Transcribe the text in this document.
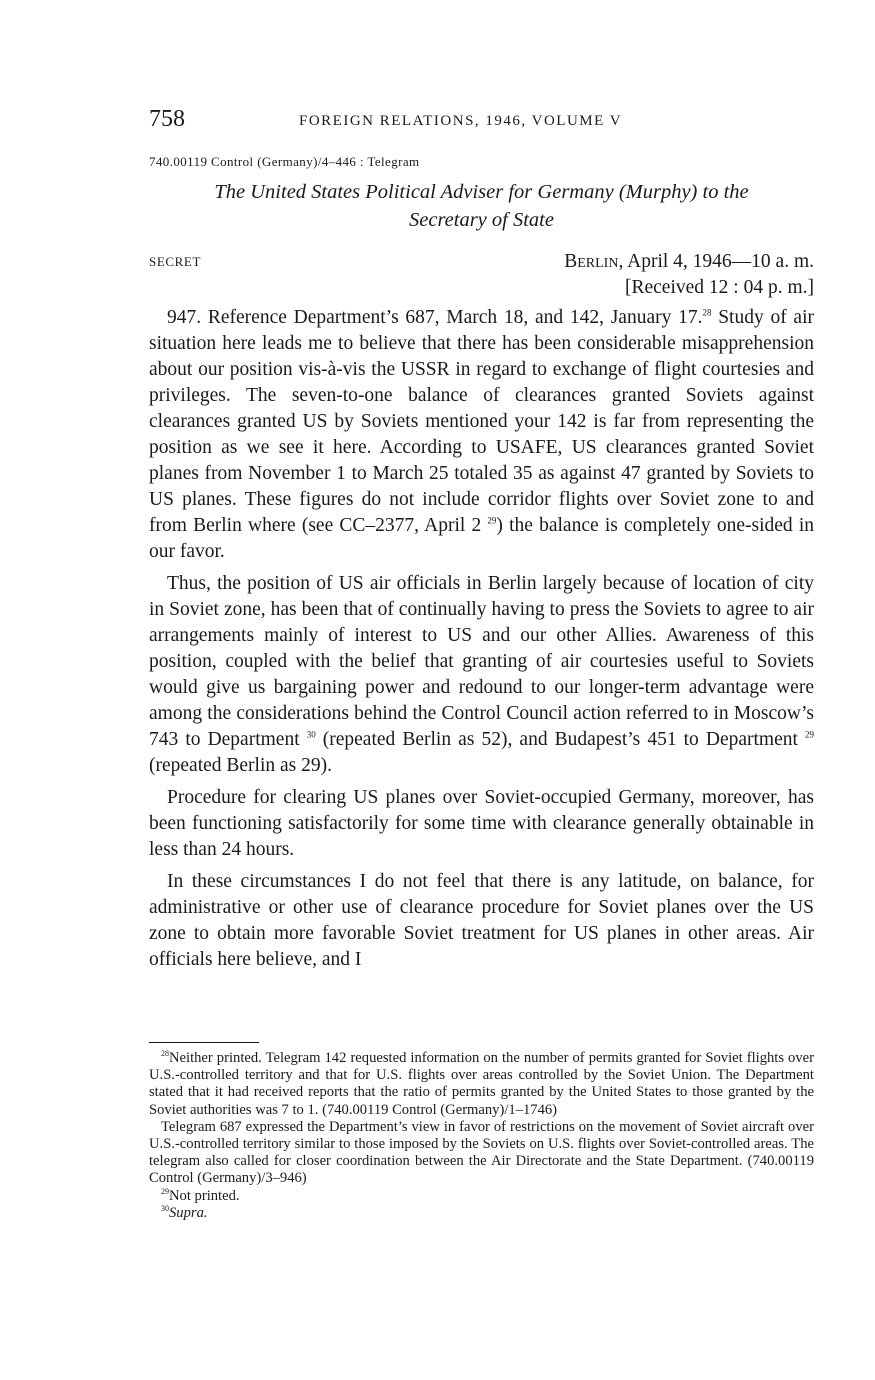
758	FOREIGN RELATIONS, 1946, VOLUME V
740.00119 Control (Germany)/4–446 : Telegram
The United States Political Adviser for Germany (Murphy) to the
Secretary of State
SECRET	Berlin, April 4, 1946—10 a. m.
[Received 12 : 04 p. m.]

947. Reference Department’s 687, March 18, and 142, January 17.28 Study of air situation here leads me to believe that there has been considerable misapprehension about our position vis-à-vis the USSR in regard to exchange of flight courtesies and privileges. The seven-to-one balance of clearances granted Soviets against clearances granted US by Soviets mentioned your 142 is far from representing the position as we see it here. According to USAFE, US clearances granted Soviet planes from November 1 to March 25 totaled 35 as against 47 granted by Soviets to US planes. These figures do not include corridor flights over Soviet zone to and from Berlin where (see CC–2377, April 2 $^{29}$) the balance is completely one-sided in our favor.

Thus, the position of US air officials in Berlin largely because of location of city in Soviet zone, has been that of continually having to press the Soviets to agree to air arrangements mainly of interest to US and our other Allies. Awareness of this position, coupled with the belief that granting of air courtesies useful to Soviets would give us bargaining power and redound to our longer-term advantage were among the considerations behind the Control Council action referred to in Moscow’s 743 to Department $^{30}$ (repeated Berlin as 52), and Budapest’s 451 to Department $^{29}$ (repeated Berlin as 29).

Procedure for clearing US planes over Soviet-occupied Germany, moreover, has been functioning satisfactorily for some time with clearance generally obtainable in less than 24 hours.

In these circumstances I do not feel that there is any latitude, on balance, for administrative or other use of clearance procedure for Soviet planes over the US zone to obtain more favorable Soviet treatment for US planes in other areas. Air officials here believe, and I

$^{28}$Neither printed. Telegram 142 requested information on the number of permits granted for Soviet flights over U.S.-controlled territory and that for U.S. flights over areas controlled by the Soviet Union. The Department stated that it had received reports that the ratio of permits granted by the United States to those granted by the Soviet authorities was 7 to 1. (740.00119 Control (Germany)/1–1746)

Telegram 687 expressed the Department’s view in favor of restrictions on the movement of Soviet aircraft over U.S.-controlled territory similar to those imposed by the Soviets on U.S. flights over Soviet-controlled areas. The telegram also called for closer coordination between the Air Directorate and the State Department. (740.00119 Control (Germany)/3–946)

$^{29}$Not printed.

$^{30}$Supra.
